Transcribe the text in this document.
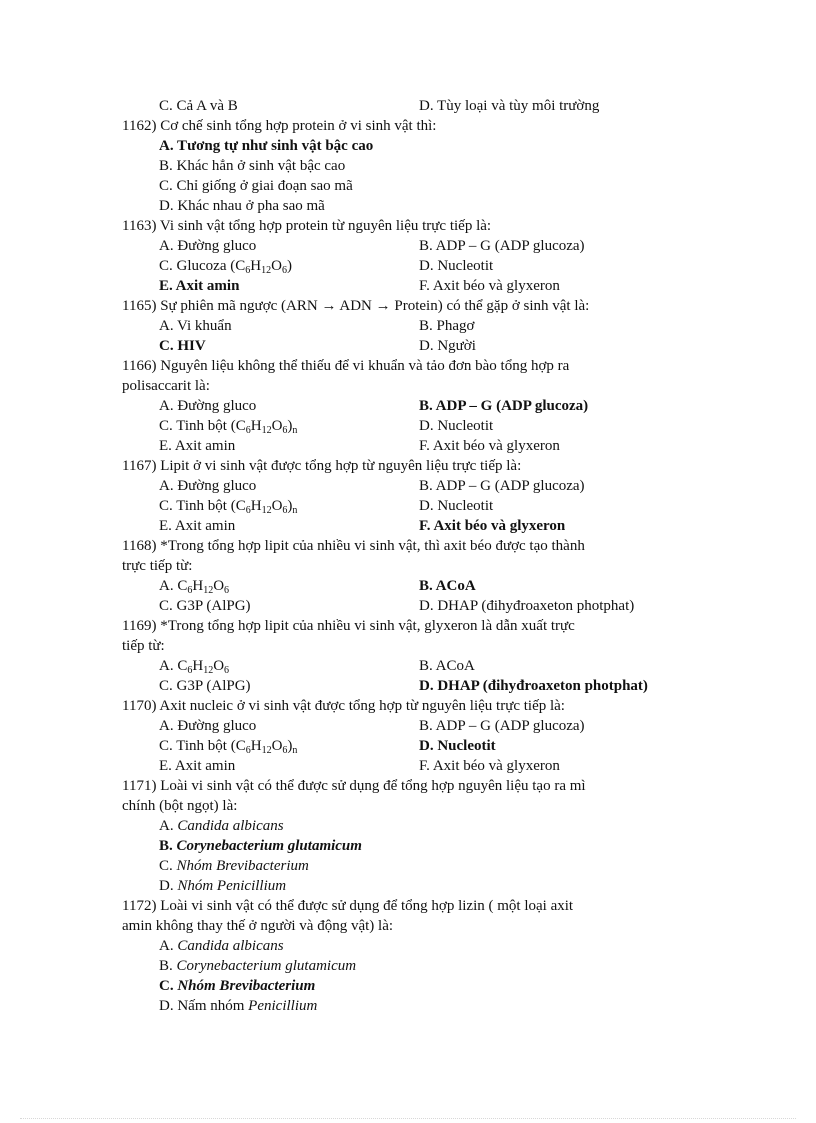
C. Cả A và B	D. Tùy loại và tùy môi trường
1162) Cơ chế sinh tổng hợp protein ở vi sinh vật thì:
A. Tương tự như sinh vật bậc cao
B. Khác hẳn ở sinh vật bậc cao
C. Chỉ giống ở giai đoạn sao mã
D. Khác nhau ở pha sao mã
1163) Vi sinh vật tổng hợp protein từ nguyên liệu trực tiếp là:
A. Đường gluco	B. ADP – G (ADP glucoza)
C. Glucoza $(C_6H_{12}O_6)$	D. Nucleotit
E. Axit amin	F. Axit béo và glyxeron
1165) Sự phiên mã ngược (ARN → ADN → Protein) có thể gặp ở sinh vật là:
A. Vi khuẩn	B. Phagơ
C. HIV	D. Người
1166) Nguyên liệu không thể thiếu để vi khuẩn và tảo đơn bào tổng hợp ra
polisaccarit là:
A. Đường gluco	B. ADP – G (ADP glucoza)
C. Tinh bột $(C_6H_{12}O_6)_n$	D. Nucleotit
E. Axit amin	F. Axit béo và glyxeron
1167) Lipit ở vi sinh vật được tổng hợp từ nguyên liệu trực tiếp là:
A. Đường gluco	B. ADP – G (ADP glucoza)
C. Tinh bột $(C_6H_{12}O_6)_n$	D. Nucleotit
E. Axit amin	F. Axit béo và glyxeron
1168) *Trong tổng hợp lipit của nhiều vi sinh vật, thì axit béo được tạo thành
trực tiếp từ:
A. $C_6H_{12}O_6$	B. ACoA
C. G3P (AlPG)	D. DHAP (đihyđroaxeton photphat)
1169) *Trong tổng hợp lipit của nhiều vi sinh vật, glyxeron là dẫn xuất trực
tiếp từ:
A. $C_6H_{12}O_6$	B. ACoA
C. G3P (AlPG)	D. DHAP (đihyđroaxeton photphat)
1170) Axit nucleic ở vi sinh vật được tổng hợp từ nguyên liệu trực tiếp là:
A. Đường gluco	B. ADP – G (ADP glucoza)
C. Tinh bột $(C_6H_{12}O_6)_n$	D. Nucleotit
E. Axit amin	F. Axit béo và glyxeron
1171) Loài vi sinh vật có thể được sử dụng để tổng hợp nguyên liệu tạo ra mì
chính (bột ngọt) là:
A. Candida albicans
B. Corynebacterium glutamicum
C. Nhóm Brevibacterium
D. Nhóm Penicillium
1172) Loài vi sinh vật có thể được sử dụng để tổng hợp lizin ( một loại axit
amin không thay thế ở người và động vật) là:
A. Candida albicans
B. Corynebacterium glutamicum
C. Nhóm Brevibacterium
D. Nấm nhóm Penicillium
